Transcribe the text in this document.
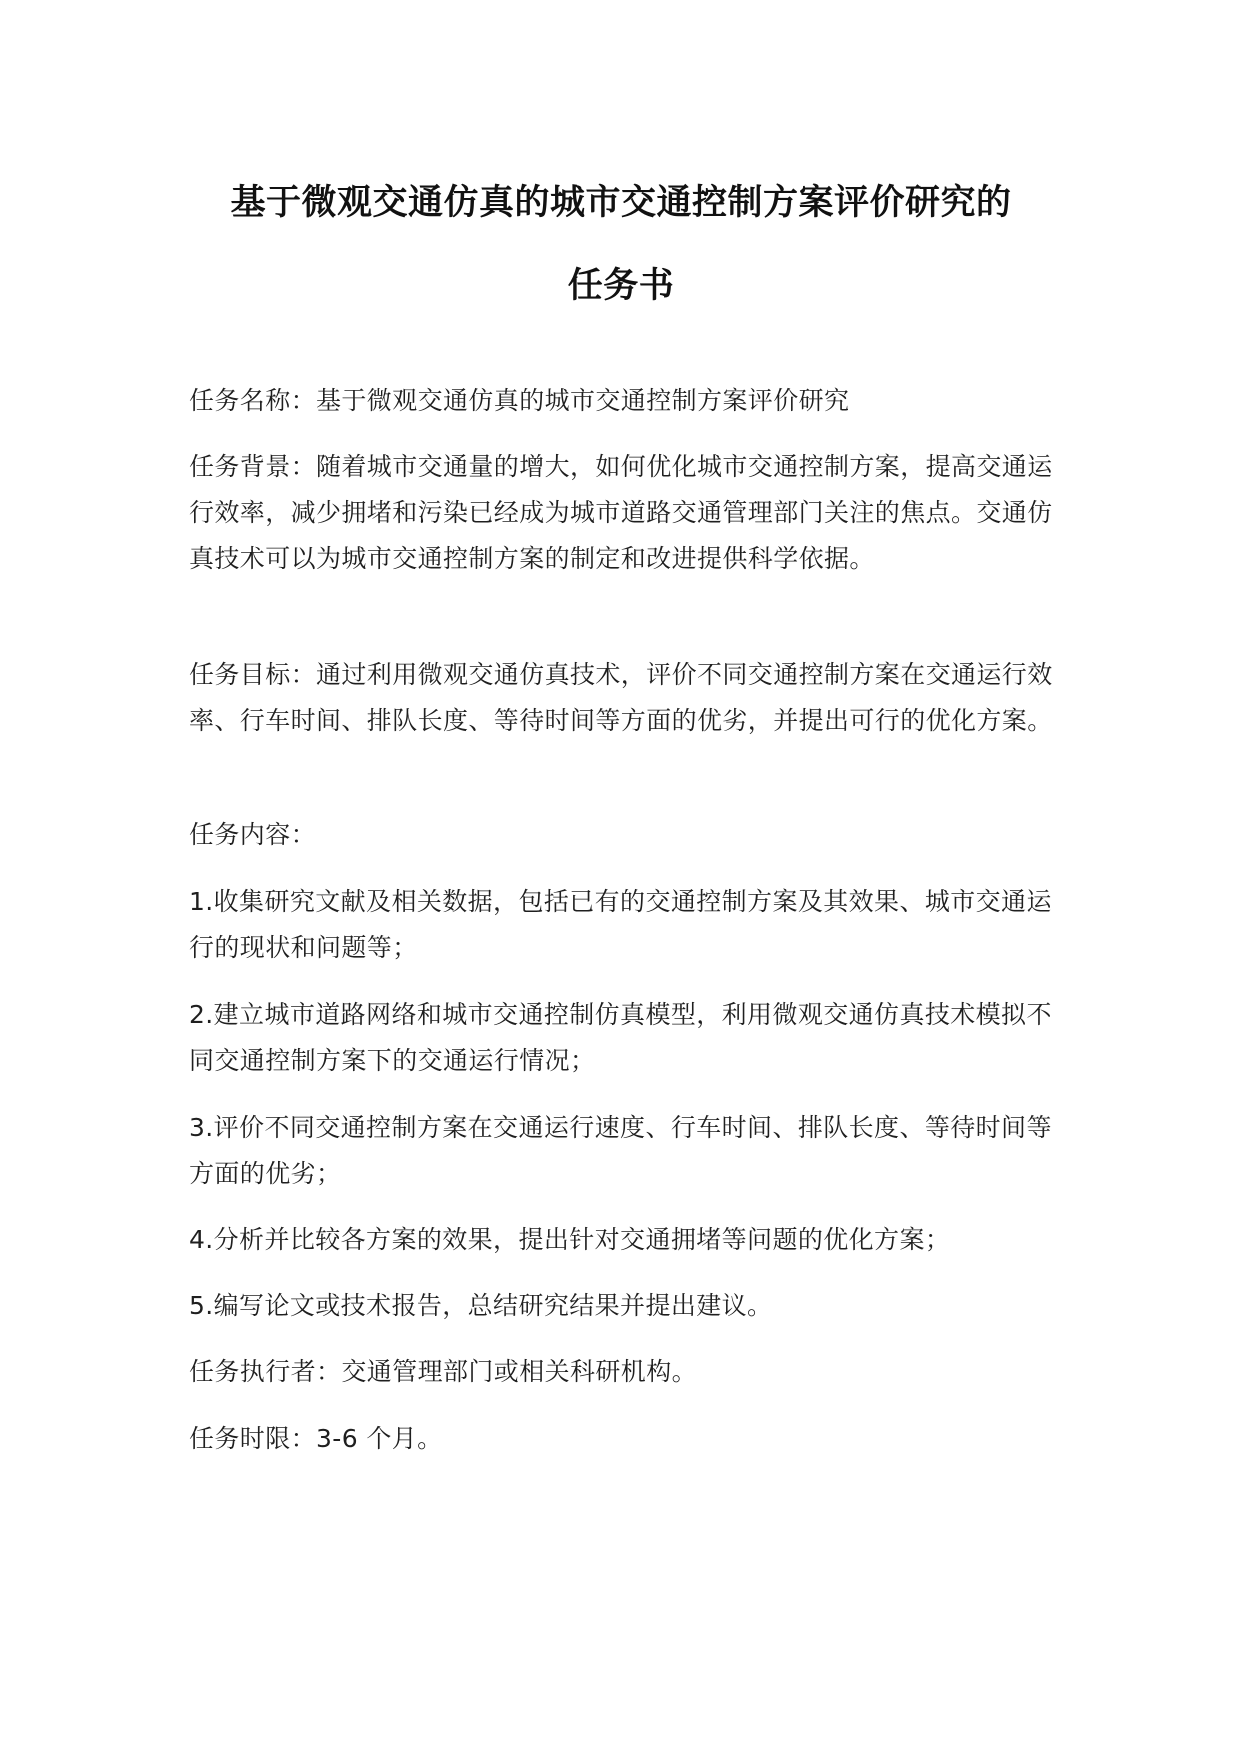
基于微观交通仿真的城市交通控制方案评价研究的
任务书

任务名称：基于微观交通仿真的城市交通控制方案评价研究

任务背景：随着城市交通量的增大，如何优化城市交通控制方案，提高交通运行效率，减少拥堵和污染已经成为城市道路交通管理部门关注的焦点。交通仿真技术可以为城市交通控制方案的制定和改进提供科学依据。

任务目标：通过利用微观交通仿真技术，评价不同交通控制方案在交通运行效率、行车时间、排队长度、等待时间等方面的优劣，并提出可行的优化方案。

任务内容：

1.收集研究文献及相关数据，包括已有的交通控制方案及其效果、城市交通运行的现状和问题等；

2.建立城市道路网络和城市交通控制仿真模型，利用微观交通仿真技术模拟不同交通控制方案下的交通运行情况；

3.评价不同交通控制方案在交通运行速度、行车时间、排队长度、等待时间等方面的优劣；

4.分析并比较各方案的效果，提出针对交通拥堵等问题的优化方案；

5.编写论文或技术报告，总结研究结果并提出建议。

任务执行者：交通管理部门或相关科研机构。

任务时限：3-6 个月。
